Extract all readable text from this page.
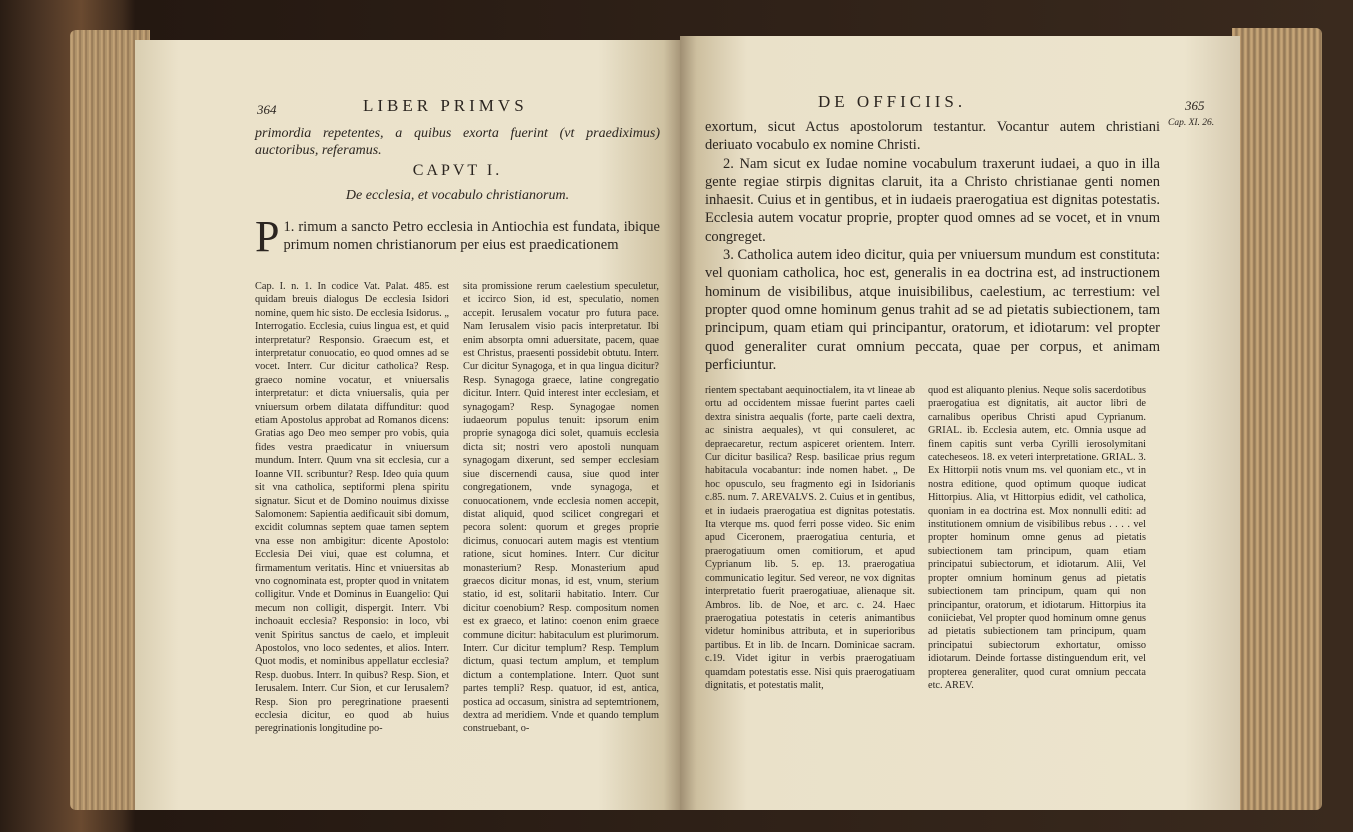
364	LIBER PRIMVS
primordia repetentes, a quibus exorta fuerint (vt praediximus) auctoribus, referamus.
CAPVT I.
De ecclesia, et vocabulo christianorum.
P 1. rimum a sancto Petro ecclesia in Antiochia est fundata, ibique primum nomen christianorum per eius est praedicationem
Cap. I. n. 1. In codice Vat. Palat. 485. est quidam breuis dialogus De ecclesia Isidori nomine, quem hic sisto. De ecclesia Isidorus. „ Interrogatio. Ecclesia, cuius lingua est, et quid interpretatur? Responsio. Graecum est, et interpretatur conuocatio, eo quod omnes ad se vocet. Interr. Cur dicitur catholica? Resp. graeco nomine vocatur, et vniuersalis interpretatur: et dicta vniuersalis, quia per vniuersum orbem dilatata diffunditur: quod etiam Apostolus approbat ad Romanos dicens: Gratias ago Deo meo semper pro vobis, quia fides vestra praedicatur in vniuersum mundum. Interr. Quum vna sit ecclesia, cur a Ioanne VII. scribuntur? Resp. Ideo quia quum sit vna catholica, septiformi plena spiritu signatur. Sicut et de Domino nouimus dixisse Salomonem: Sapientia aedificauit sibi domum, excidit columnas septem quae tamen septem vna esse non ambigitur: dicente Apostolo: Ecclesia Dei viui, quae est columna, et firmamentum veritatis. Hinc et vniuersitas ab vno cognominata est, propter quod in vnitatem colligitur. Vnde et Dominus in Euangelio: Qui mecum non colligit, dispergit. Interr. Vbi inchoauit ecclesia? Responsio: in loco, vbi venit Spiritus sanctus de caelo, et impleuit Apostolos, vno loco sedentes, et alios. Interr. Quot modis, et nominibus appellatur ecclesia? Resp. duobus. Interr. In quibus? Resp. Sion, et Ierusalem. Interr. Cur Sion, et cur Ierusalem? Resp. Sion pro peregrinatione praesenti ecclesia dicitur, eo quod ab huius peregrinationis longitudine po-
sita promissione rerum caelestium speculetur, et iccirco Sion, id est, speculatio, nomen accepit. Ierusalem vocatur pro futura pace. Nam Ierusalem visio pacis interpretatur. Ibi enim absorpta omni aduersitate, pacem, quae est Christus, praesenti possidebit obtutu. Interr. Cur dicitur Synagoga, et in qua lingua dicitur? Resp. Synagoga graece, latine congregatio dicitur. Interr. Quid interest inter ecclesiam, et synagogam? Resp. Synagogae nomen iudaeorum populus tenuit: ipsorum enim proprie synagoga dici solet, quamuis ecclesia dicta sit; nostri vero apostoli nunquam synagogam dixerunt, sed semper ecclesiam siue discernendi causa, siue quod inter congregationem, vnde synagoga, et conuocationem, vnde ecclesia nomen accepit, distat aliquid, quod scilicet congregari et pecora solent: quorum et greges proprie dicimus, conuocari autem magis est vtentium ratione, sicut homines. Interr. Cur dicitur monasterium? Resp. Monasterium apud graecos dicitur monas, id est, vnum, sterium statio, id est, solitarii habitatio. Interr. Cur dicitur coenobium? Resp. compositum nomen est ex graeco, et latino: coenon enim graece commune dicitur: habitaculum est plurimorum. Interr. Cur dicitur templum? Resp. Templum dictum, quasi tectum amplum, et templum dictum a contemplatione. Interr. Quot sunt partes templi? Resp. quatuor, id est, antica, postica ad occasum, sinistra ad septemtrionem, dextra ad meridiem. Vnde et quando templum construebant, o-
DE OFFICIIS.	365
Cap. XI. 26.
exortum, sicut Actus apostolorum testantur. Vocantur autem christiani deriuato vocabulo ex nomine Christi.
2. Nam sicut ex Iudae nomine vocabulum traxerunt iudaei, a quo in illa gente regiae stirpis dignitas claruit, ita a Christo christianae genti nomen inhaesit. Cuius et in gentibus, et in iudaeis praerogatiua est dignitas potestatis. Ecclesia autem vocatur proprie, propter quod omnes ad se vocet, et in vnum congreget.
3. Catholica autem ideo dicitur, quia per vniuersum mundum est constituta: vel quoniam catholica, hoc est, generalis in ea doctrina est, ad instructionem hominum de visibilibus, atque inuisibilibus, caelestium, ac terrestium: vel propter quod omne hominum genus trahit ad se ad pietatis subiectionem, tam principum, quam etiam qui principantur, oratorum, et idiotarum: vel propter quod generaliter curat omnium peccata, quae per corpus, et animam perficiuntur.
rientem spectabant aequinoctialem, ita vt lineae ab ortu ad occidentem missae fuerint partes caeli dextra sinistra aequalis (forte, parte caeli dextra, ac sinistra aequales), vt qui consuleret, ac depraecaretur, rectum aspiceret orientem. Interr. Cur dicitur basilica? Resp. basilicae prius regum habitacula vocabantur: inde nomen habet. „ De hoc opusculo, seu fragmento egi in Isidorianis c.85. num. 7. AREVALVS. 2. Cuius et in gentibus, et in iudaeis praerogatiua est dignitas potestatis. Ita vterque ms. quod ferri posse video. Sic enim apud Ciceronem, praerogatiua centuria, et praerogatiuum omen comitiorum, et apud Cyprianum lib. 5. ep. 13. praerogatiua communicatio legitur. Sed vereor, ne vox dignitas interpretatio fuerit praerogatiuae, alienaque sit. Ambros. lib. de Noe, et arc. c. 24. Haec praerogatiua potestatis in ceteris animantibus videtur hominibus attributa, et in superioribus partibus. Et in lib. de Incarn. Dominicae sacram. c.19. Videt igitur in verbis praerogatiuam quamdam potestatis esse. Nisi quis praerogatiuam dignitatis, et potestatis malit,
quod est aliquanto plenius. Neque solis sacerdotibus praerogatiua est dignitatis, ait auctor libri de carnalibus operibus Christi apud Cyprianum. GRIAL. ib. Ecclesia autem, etc. Omnia usque ad finem capitis sunt verba Cyrilli ierosolymitani catecheseos. 18. ex veteri interpretatione. GRIAL. 3. Ex Hittorpii notis vnum ms. vel quoniam etc., vt in nostra editione, quod optimum quoque iudicat Hittorpius. Alia, vt Hittorpius edidit, vel catholica, quoniam in ea doctrina est. Mox nonnulli editi: ad institutionem omnium de visibilibus rebus . . . . vel propter hominum omne genus ad pietatis subiectionem tam principum, quam etiam principatui subiectorum, et idiotarum. Alii, Vel propter omnium hominum genus ad pietatis subiectionem tam principum, quam qui non principantur, oratorum, et idiotarum. Hittorpius ita coniiciebat, Vel propter quod hominum omne genus ad pietatis subiectionem tam principum, quam principatui subiectorum exhortatur, omisso idiotarum. Deinde fortasse distinguendum erit, vel propterea generaliter, quod curat omnium peccata etc. AREV.
